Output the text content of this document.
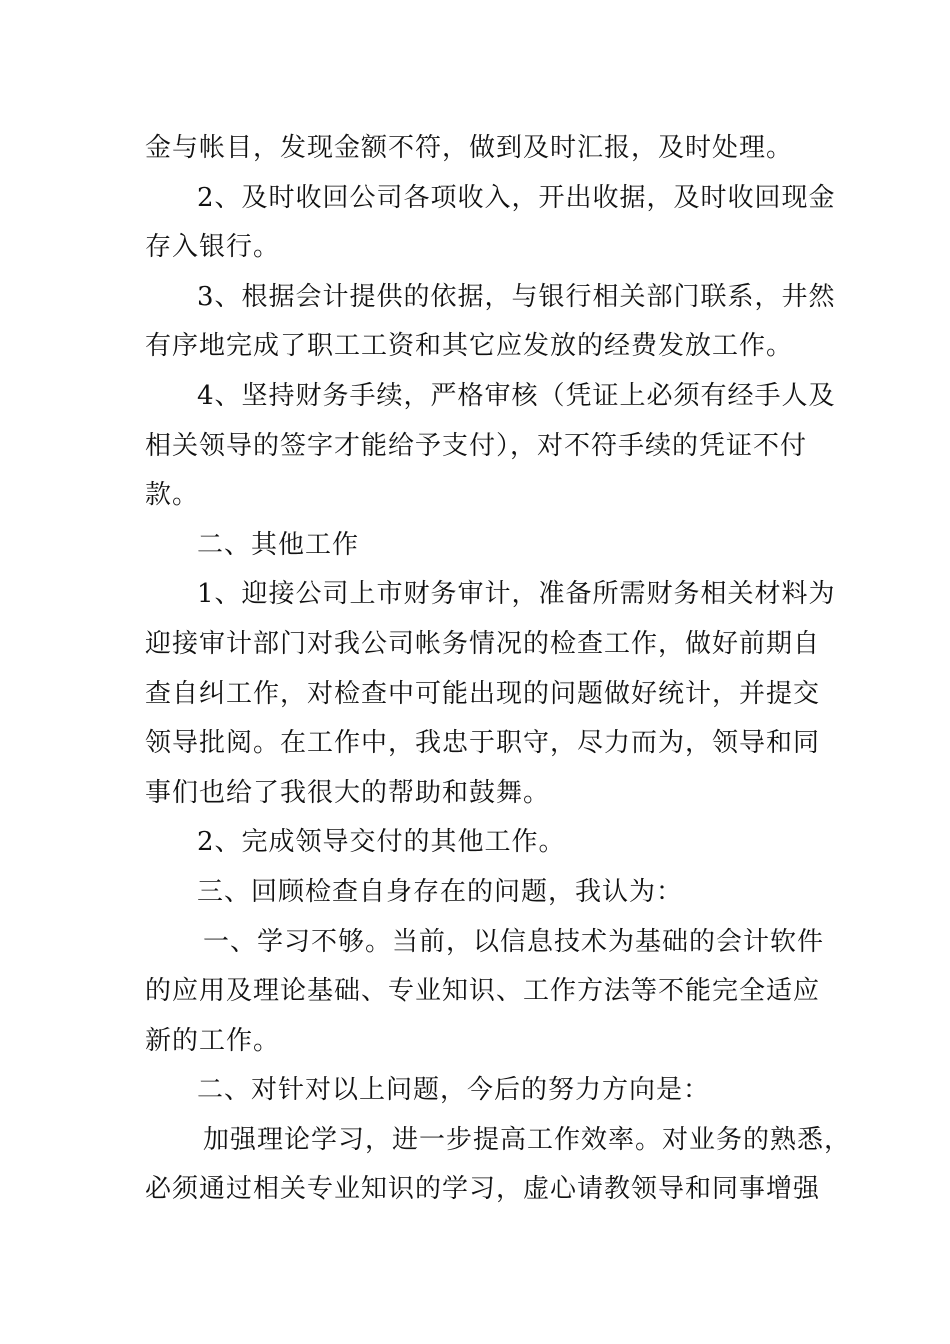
金与帐目，发现金额不符，做到及时汇报，及时处理。
2、及时收回公司各项收入，开出收据，及时收回现金
存入银行。
3、根据会计提供的依据，与银行相关部门联系，井然
有序地完成了职工工资和其它应发放的经费发放工作。
4、坚持财务手续，严格审核（凭证上必须有经手人及
相关领导的签字才能给予支付），对不符手续的凭证不付
款。
二、其他工作
1、迎接公司上市财务审计，准备所需财务相关材料为
迎接审计部门对我公司帐务情况的检查工作，做好前期自
查自纠工作，对检查中可能出现的问题做好统计，并提交
领导批阅。在工作中，我忠于职守，尽力而为，领导和同
事们也给了我很大的帮助和鼓舞。
2、完成领导交付的其他工作。
三、回顾检查自身存在的问题，我认为：
一、学习不够。当前，以信息技术为基础的会计软件
的应用及理论基础、专业知识、工作方法等不能完全适应
新的工作。
二、对针对以上问题，今后的努力方向是：
加强理论学习，进一步提高工作效率。对业务的熟悉，
必须通过相关专业知识的学习，虚心请教领导和同事增强
